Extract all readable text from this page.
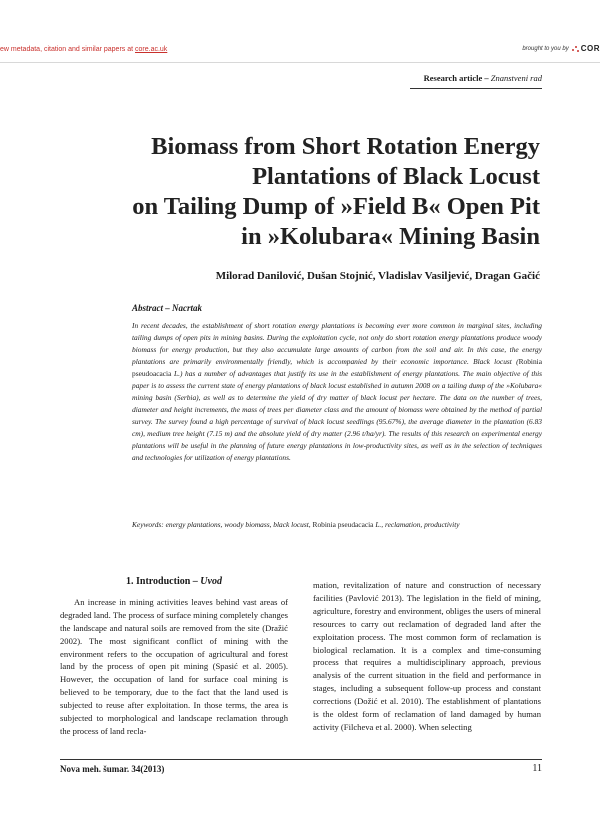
ew metadata, citation and similar papers at core.ac.uk	brought to you by COR
Research article – Znanstveni rad
Biomass from Short Rotation Energy
Plantations of Black Locust
on Tailing Dump of »Field B« Open Pit
in »Kolubara« Mining Basin
Milorad Danilović, Dušan Stojnić, Vladislav Vasiljević, Dragan Gačić
Abstract – Nacrtak
In recent decades, the establishment of short rotation energy plantations is becoming ever more common in marginal sites, including tailing dumps of open pits in mining basins. During the exploitation cycle, not only do short rotation energy plantations produce woody biomass for energy production, but they also accumulate large amounts of carbon from the soil and air. In this case, the energy plantations are primarily environmentally friendly, which is accompanied by their economic importance. Black locust (Robinia pseudoacacia L.) has a number of advantages that justify its use in the establishment of energy plantations. The main objective of this paper is to assess the current state of energy plantations of black locust established in autumn 2008 on a tailing dump of the »Kolubara« mining basin (Serbia), as well as to determine the yield of dry matter of black locust per hectare. The data on the number of trees, diameter and height increments, the mass of trees per diameter class and the amount of biomass were obtained by the method of partial survey. The survey found a high percentage of survival of black locust seedlings (95.67%), the average diameter in the plantation (6.83 cm), medium tree height (7.15 m) and the absolute yield of dry matter (2.96 t/ha/yr). The results of this research on experimental energy plantations will be useful in the planning of future energy plantations in low-productivity sites, as well as in the selection of techniques and technologies for utilization of energy plantations.
Keywords: energy plantations, woody biomass, black locust, Robinia pseudacacia L., reclamation, productivity
1. Introduction – Uvod

An increase in mining activities leaves behind vast areas of degraded land. The process of surface mining completely changes the landscape and natural soils are removed from the site (Dražić 2002). The most significant conflict of mining with the environment refers to the occupation of agricultural and forest land by the process of open pit mining (Spasić et al. 2005). However, the occupation of land for surface coal mining is believed to be temporary, due to the fact that the land used is subjected to reuse after exploitation. In those terms, the area is subjected to morphological and landscape reclamation through the process of land recla-

mation, revitalization of nature and construction of necessary facilities (Pavlović 2013). The legislation in the field of mining, agriculture, forestry and environment, obliges the users of mineral resources to carry out reclamation of degraded land after the exploitation process. The most common form of reclamation is biological reclamation. It is a complex and time-consuming process that requires a multidisciplinary approach, previous analysis of the current situation in the field and performance in stages, including a subsequent follow-up process and constant corrections (Dožić et al. 2010). The establishment of plantations is the oldest form of reclamation of land damaged by human activity (Filcheva et al. 2000). When selecting

Nova meh. šumar. 34(2013)	11
